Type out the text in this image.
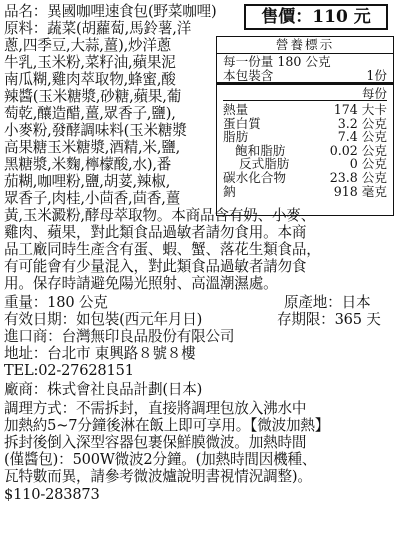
品名：異國咖哩速食包(野菜咖哩)
原料：蔬菜(胡蘿蔔,馬鈴薯,洋
蔥,四季豆,大蒜,薑),炒洋蔥
牛乳,玉米粉,菜籽油,蘋果泥
南瓜糊,雞肉萃取物,蜂蜜,酸
辣醬(玉米糖漿,砂糖,蘋果,葡
萄乾,釀造醋,薑,眾香子,鹽),
小麥粉,發酵調味料(玉米糖漿
高果糖玉米糖漿,酒精,米,鹽,
黑糖漿,米麴,檸檬酸,水),番
茄糊,咖哩粉,鹽,胡荽,辣椒,
眾香子,肉桂,小茴香,茴香,薑
售價：110 元
營養標示
每一份量 180 公克
本包裝含	1份
每份
熱量	174 大卡
蛋白質	3.2 公克
脂肪	7.4 公克
飽和脂肪	0.02 公克
反式脂肪	0 公克
碳水化合物	23.8 公克
鈉	918 毫克
黃,玉米澱粉,酵母萃取物。本商品含有奶、小麥、
雞肉、蘋果，對此類食品過敏者請勿食用。本商
品工廠同時生產含有蛋、蝦、蟹、落花生類食品，
有可能會有少量混入，對此類食品過敏者請勿食
用。保存時請避免陽光照射、高溫潮濕處。
重量：180 公克	原產地：日本
有效日期：如包裝(西元年月日)	存期限：365 天
進口商：台灣無印良品股份有限公司
地址：台北市 東興路８號８樓
TEL:02-27628151
廠商：株式會社良品計劃(日本)
調理方式：不需拆封，直接將調理包放入沸水中
加熱約5~7分鐘後淋在飯上即可享用。【微波加熱】
拆封後倒入深型容器包裹保鮮膜微波。加熱時間
(僅醬包)：500W微波2分鐘。(加熱時間因機種、
瓦特數而異，請參考微波爐說明書視情況調整)。
$110-283873
